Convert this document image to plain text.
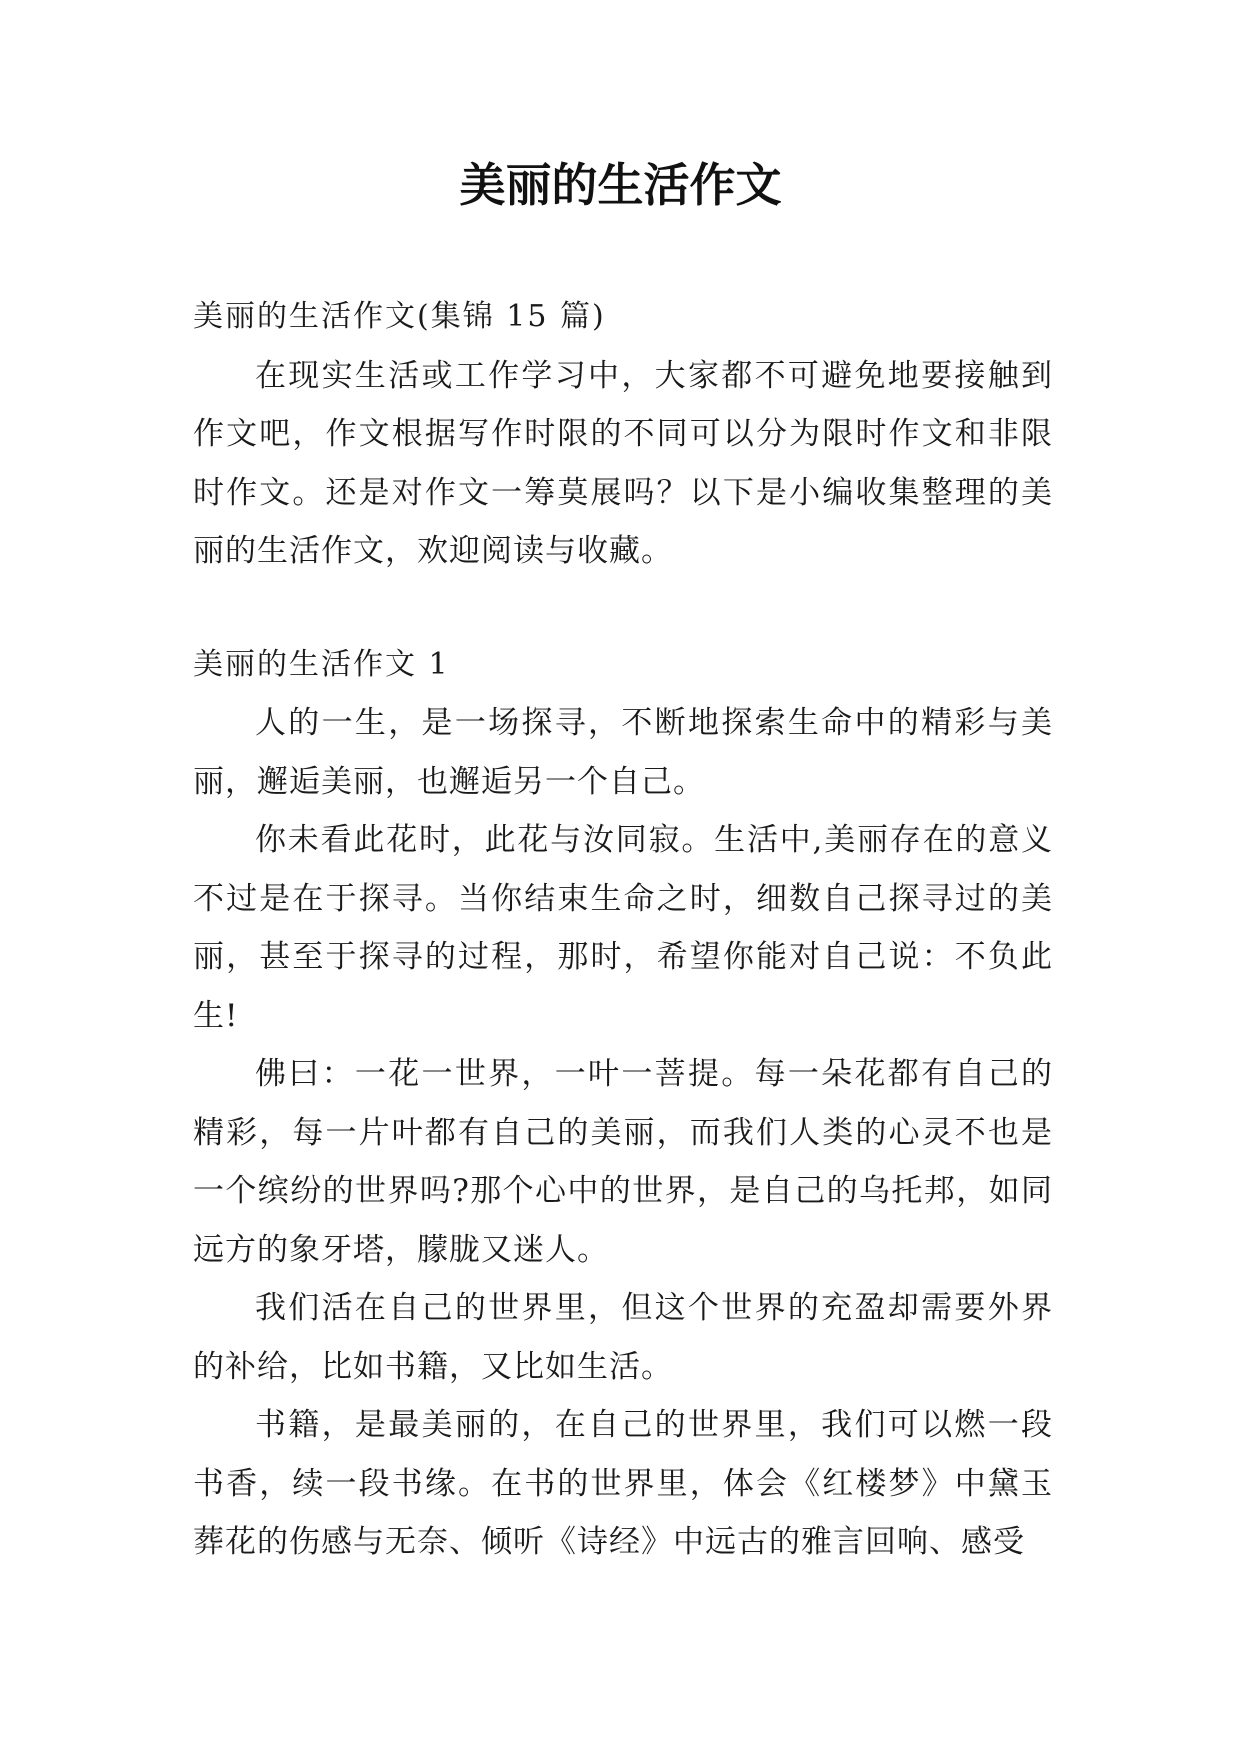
美丽的生活作文

美丽的生活作文(集锦 15 篇)

在现实生活或工作学习中，大家都不可避免地要接触到作文吧，作文根据写作时限的不同可以分为限时作文和非限时作文。还是对作文一筹莫展吗？以下是小编收集整理的美丽的生活作文，欢迎阅读与收藏。

美丽的生活作文 1

人的一生，是一场探寻，不断地探索生命中的精彩与美丽，邂逅美丽，也邂逅另一个自己。

你未看此花时，此花与汝同寂。生活中,美丽存在的意义不过是在于探寻。当你结束生命之时，细数自己探寻过的美丽，甚至于探寻的过程，那时，希望你能对自己说：不负此生!

佛曰：一花一世界，一叶一菩提。每一朵花都有自己的精彩，每一片叶都有自己的美丽，而我们人类的心灵不也是一个缤纷的世界吗?那个心中的世界，是自己的乌托邦，如同远方的象牙塔，朦胧又迷人。

我们活在自己的世界里，但这个世界的充盈却需要外界的补给，比如书籍，又比如生活。

书籍，是最美丽的，在自己的世界里，我们可以燃一段书香，续一段书缘。在书的世界里，体会《红楼梦》中黛玉葬花的伤感与无奈、倾听《诗经》中远古的雅言回响、感受
